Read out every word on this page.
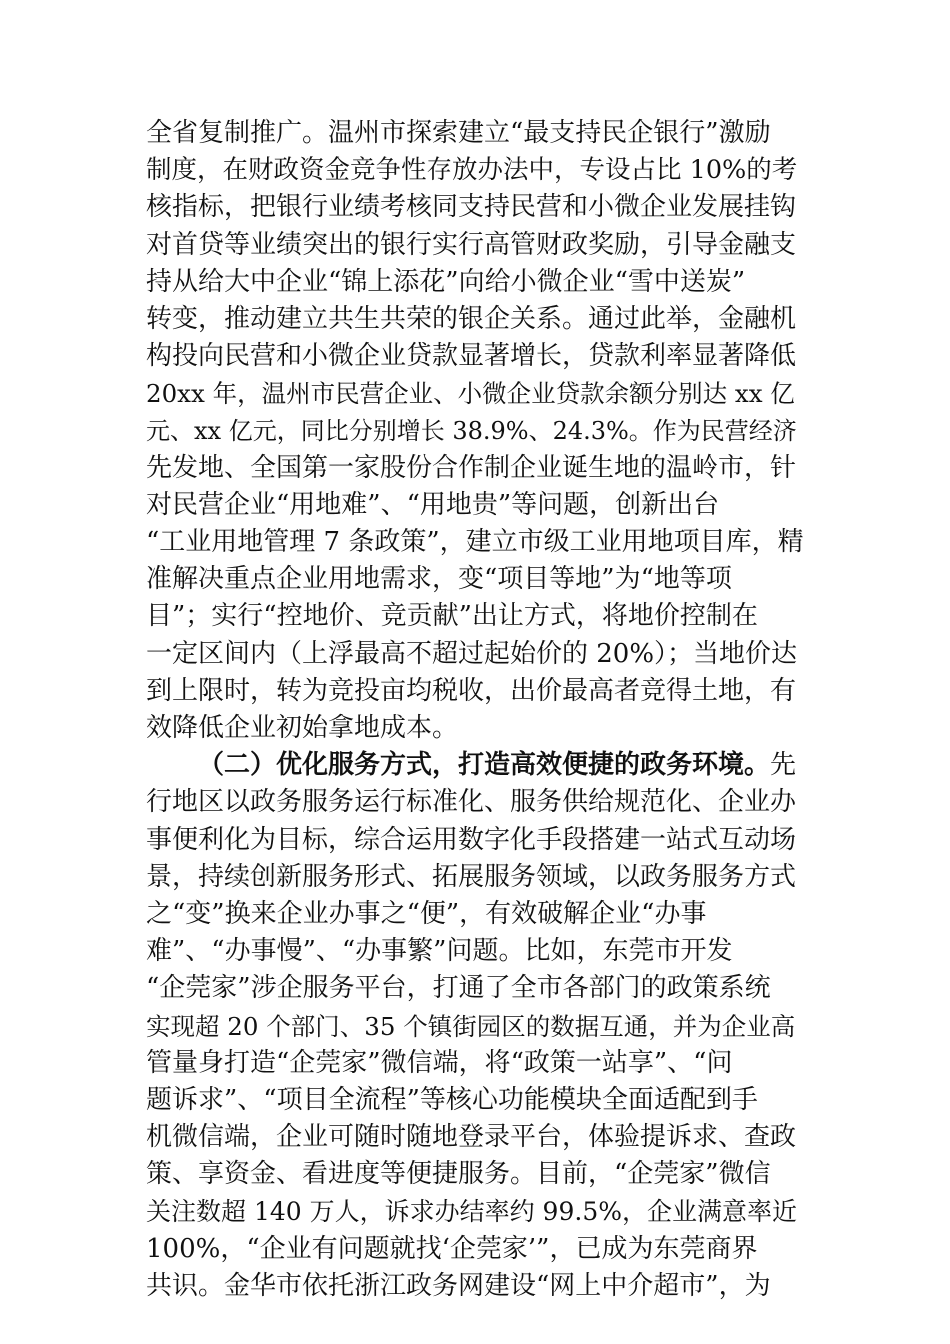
全省复制推广。温州市探索建立“最支持民企银行”激励
制度，在财政资金竞争性存放办法中，专设占比 10%的考
核指标，把银行业绩考核同支持民营和小微企业发展挂钩
对首贷等业绩突出的银行实行高管财政奖励，引导金融支
持从给大中企业“锦上添花”向给小微企业“雪中送炭”
转变，推动建立共生共荣的银企关系。通过此举，金融机
构投向民营和小微企业贷款显著增长，贷款利率显著降低
20xx 年，温州市民营企业、小微企业贷款余额分别达 xx 亿
元、xx 亿元，同比分别增长 38.9%、24.3%。作为民营经济
先发地、全国第一家股份合作制企业诞生地的温岭市，针
对民营企业“用地难”、“用地贵”等问题，创新出台
“工业用地管理 7 条政策”，建立市级工业用地项目库，精
准解决重点企业用地需求，变“项目等地”为“地等项
目”；实行“控地价、竞贡献”出让方式，将地价控制在
一定区间内（上浮最高不超过起始价的 20%）；当地价达
到上限时，转为竞投亩均税收，出价最高者竞得土地，有
效降低企业初始拿地成本。
（二）优化服务方式，打造高效便捷的政务环境。先
行地区以政务服务运行标准化、服务供给规范化、企业办
事便利化为目标，综合运用数字化手段搭建一站式互动场
景，持续创新服务形式、拓展服务领域，以政务服务方式
之“变”换来企业办事之“便”，有效破解企业“办事
难”、“办事慢”、“办事繁”问题。比如，东莞市开发
“企莞家”涉企服务平台，打通了全市各部门的政策系统
实现超 20 个部门、35 个镇街园区的数据互通，并为企业高
管量身打造“企莞家”微信端，将“政策一站享”、“问
题诉求”、“项目全流程”等核心功能模块全面适配到手
机微信端，企业可随时随地登录平台，体验提诉求、查政
策、享资金、看进度等便捷服务。目前，“企莞家”微信
关注数超 140 万人，诉求办结率约 99.5%，企业满意率近
100%，“企业有问题就找‘企莞家’”，已成为东莞商界
共识。金华市依托浙江政务网建设“网上中介超市”，为
